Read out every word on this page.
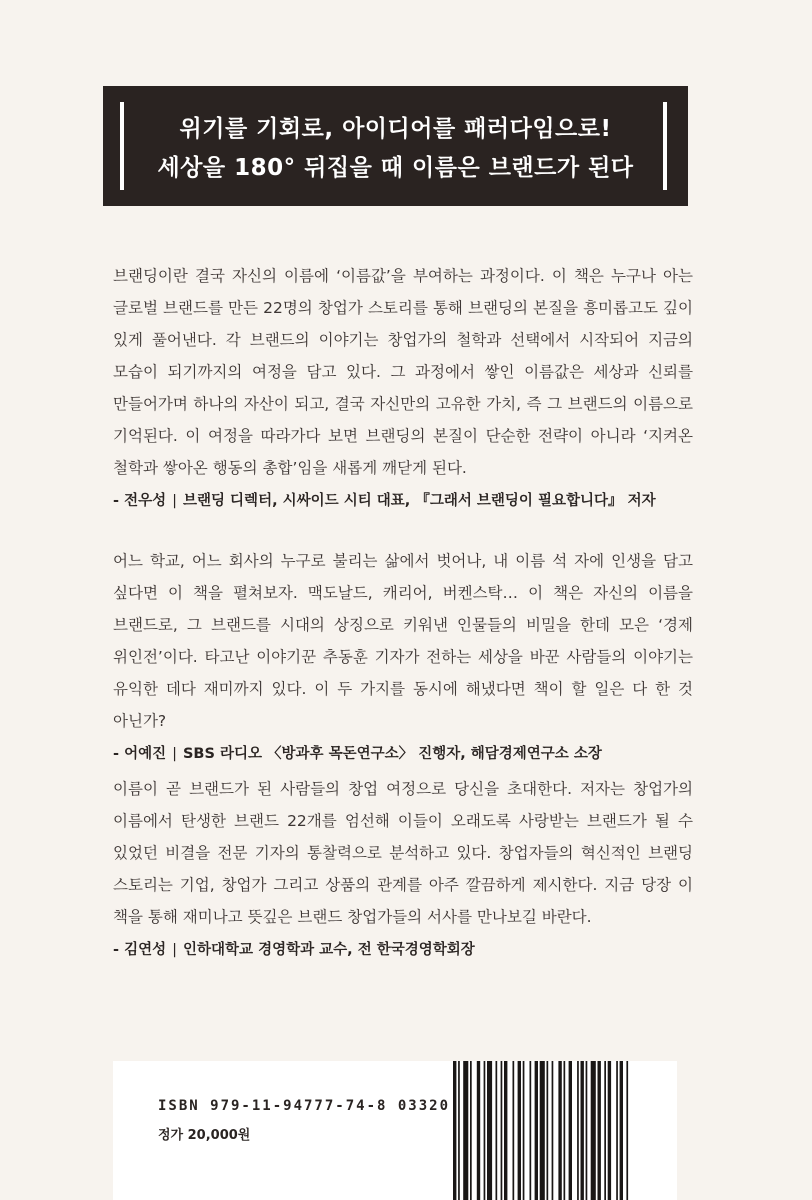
위기를 기회로, 아이디어를 패러다임으로!
세상을 180° 뒤집을 때 이름은 브랜드가 된다

브랜딩이란 결국 자신의 이름에 ‘이름값’을 부여하는 과정이다. 이 책은 누구나 아는 글로벌 브랜드를 만든 22명의 창업가 스토리를 통해 브랜딩의 본질을 흥미롭고도 깊이 있게 풀어낸다. 각 브랜드의 이야기는 창업가의 철학과 선택에서 시작되어 지금의 모습이 되기까지의 여정을 담고 있다. 그 과정에서 쌓인 이름값은 세상과 신뢰를 만들어가며 하나의 자산이 되고, 결국 자신만의 고유한 가치, 즉 그 브랜드의 이름으로 기억된다. 이 여정을 따라가다 보면 브랜딩의 본질이 단순한 전략이 아니라 ‘지켜온 철학과 쌓아온 행동의 총합’임을 새롭게 깨닫게 된다.

- 전우성 | 브랜딩 디렉터, 시싸이드 시티 대표, 『그래서 브랜딩이 필요합니다』 저자

어느 학교, 어느 회사의 누구로 불리는 삶에서 벗어나, 내 이름 석 자에 인생을 담고 싶다면 이 책을 펼쳐보자. 맥도날드, 캐리어, 버켄스탁… 이 책은 자신의 이름을 브랜드로, 그 브랜드를 시대의 상징으로 키워낸 인물들의 비밀을 한데 모은 ‘경제 위인전’이다. 타고난 이야기꾼 추동훈 기자가 전하는 세상을 바꾼 사람들의 이야기는 유익한 데다 재미까지 있다. 이 두 가지를 동시에 해냈다면 책이 할 일은 다 한 것 아닌가?

- 어예진 | SBS 라디오 〈방과후 목돈연구소〉 진행자, 해담경제연구소 소장

이름이 곧 브랜드가 된 사람들의 창업 여정으로 당신을 초대한다. 저자는 창업가의 이름에서 탄생한 브랜드 22개를 엄선해 이들이 오래도록 사랑받는 브랜드가 될 수 있었던 비결을 전문 기자의 통찰력으로 분석하고 있다. 창업자들의 혁신적인 브랜딩 스토리는 기업, 창업가 그리고 상품의 관계를 아주 깔끔하게 제시한다. 지금 당장 이 책을 통해 재미나고 뜻깊은 브랜드 창업가들의 서사를 만나보길 바란다.

- 김연성 | 인하대학교 경영학과 교수, 전 한국경영학회장
ISBN 979-11-94777-74-8 03320
정가 20,000원
